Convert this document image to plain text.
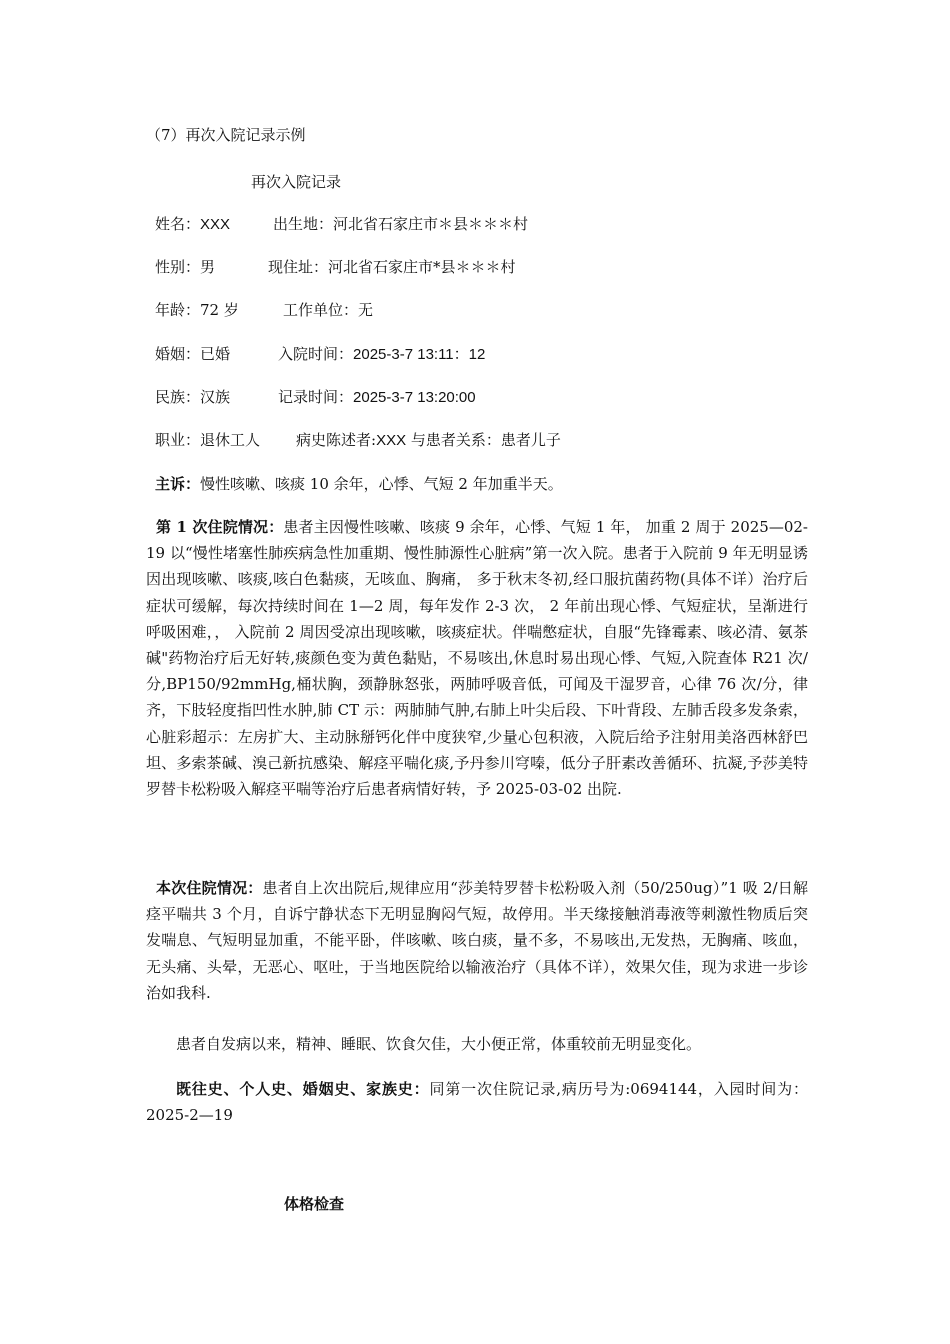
（7）再次入院记录示例
再次入院记录
姓名：XXX	出生地：河北省石家庄市＊县＊＊＊村
性别：男	现住址：河北省石家庄市*县＊＊＊村
年龄：72 岁	工作单位：无
婚姻：已婚	入院时间：2025-3-7 13:11：12
民族：汉族	记录时间：2025-3-7 13:20:00
职业：退休工人 病史陈述者:XXX 与患者关系：患者儿子
主诉：慢性咳嗽、咳痰 10 余年，心悸、气短 2 年加重半天。
第 1 次住院情况：患者主因慢性咳嗽、咳痰 9 余年，心悸、气短 1 年， 加重 2 周于 2025—02-19 以“慢性堵塞性肺疾病急性加重期、慢性肺源性心脏病”第一次入院。患者于入院前 9 年无明显诱因出现咳嗽、咳痰,咳白色黏痰，无咳血、胸痛， 多于秋末冬初,经口服抗菌药物(具体不详）治疗后症状可缓解，每次持续时间在 1—2 周，每年发作 2-3 次， 2 年前出现心悸、气短症状，呈渐进行呼吸困难，， 入院前 2 周因受凉出现咳嗽，咳痰症状。伴喘憋症状，自服“先锋霉素、咳必清、氨茶碱"药物治疗后无好转,痰颜色变为黄色黏贴，不易咳出,休息时易出现心悸、气短,入院查体 R21 次/分,BP150/92mmHg,桶状胸，颈静脉怒张，两肺呼吸音低，可闻及干湿罗音，心律 76 次/分，律齐，下肢轻度指凹性水肿,肺 CT 示：两肺肺气肿,右肺上叶尖后段、下叶背段、左肺舌段多发条索，心脏彩超示：左房扩大、主动脉掰钙化伴中度狭窄,少量心包积液，入院后给予注射用美洛西林舒巴坦、多索茶碱、溴己新抗感染、解痉平喘化痰,予丹参川穹嗪，低分子肝素改善循环、抗凝,予莎美特罗替卡松粉吸入解痉平喘等治疗后患者病情好转，予 2025-03-02 出院.
本次住院情况：患者自上次出院后,规律应用“莎美特罗替卡松粉吸入剂（50/250ug）”1 吸 2/日解痉平喘共 3 个月，自诉宁静状态下无明显胸闷气短，故停用。半天缘接触消毒液等刺激性物质后突发喘息、气短明显加重，不能平卧，伴咳嗽、咳白痰，量不多，不易咳出,无发热，无胸痛、咳血，无头痛、头晕，无恶心、呕吐，于当地医院给以输液治疗（具体不详），效果欠佳，现为求进一步诊治如我科.
患者自发病以来，精神、睡眠、饮食欠佳，大小便正常，体重较前无明显变化。
既往史、个人史、婚姻史、家族史：同第一次住院记录,病历号为:0694144，入园时间为：2025-2—19
体格检查
